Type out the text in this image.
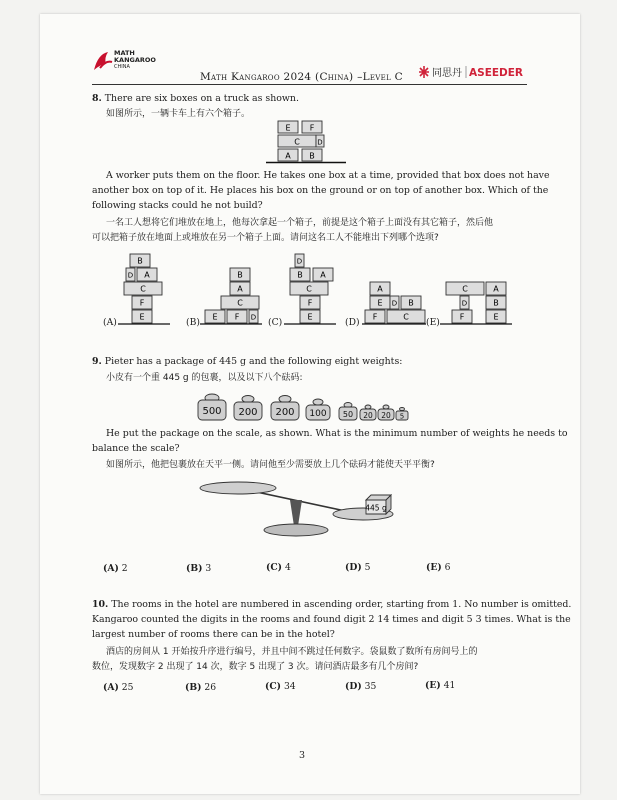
MATH
KANGAROO
CHINA
Math Kangaroo 2024 (China) –Level C	同思丹 ASEEDER
8. There are six boxes on a truck as shown.
如图所示，一辆卡车上有六个箱子。
E F
C	D
A B
A worker puts them on the floor. He takes one box at a time, provided that box does not have
another box on top of it. He places his box on the ground or on top of another box. Which of the
following stacks could he not build?
一名工人想将它们堆放在地上，他每次拿起一个箱子，前提是这个箱子上面没有其它箱子，然后他
可以把箱子放在地面上或堆放在另一个箱子上面。请问这名工人不能堆出下列哪个选项?
B
D A
C
F
E
B
A
C
E F D
D
B A
C
F
E
A
E D B
F	C
C	A
D	B
F	E
(A)	(B)	(C)	(D)	(E)
9. Pieter has a package of 445 g and the following eight weights:
小皮有一个重 445 g 的包裹，以及以下八个砝码:
500 200 200 100 50 20 20 5
He put the package on the scale, as shown. What is the minimum number of weights he needs to
balance the scale?
如图所示，他把包裹放在天平一侧。请问他至少需要放上几个砝码才能使天平平衡?
445 g
(A) 2	(B) 3	(C) 4	(D) 5	(E) 6
10. The rooms in the hotel are numbered in ascending order, starting from 1. No number is omitted.
Kangaroo counted the digits in the rooms and found digit 2 14 times and digit 5 3 times. What is the
largest number of rooms there can be in the hotel?
酒店的房间从 1 开始按升序进行编号，并且中间不跳过任何数字。袋鼠数了数所有房间号上的
数位，发现数字 2 出现了 14 次，数字 5 出现了 3 次。请问酒店最多有几个房间?
(A) 25	(B) 26	(C) 34	(D) 35	(E) 41
3
